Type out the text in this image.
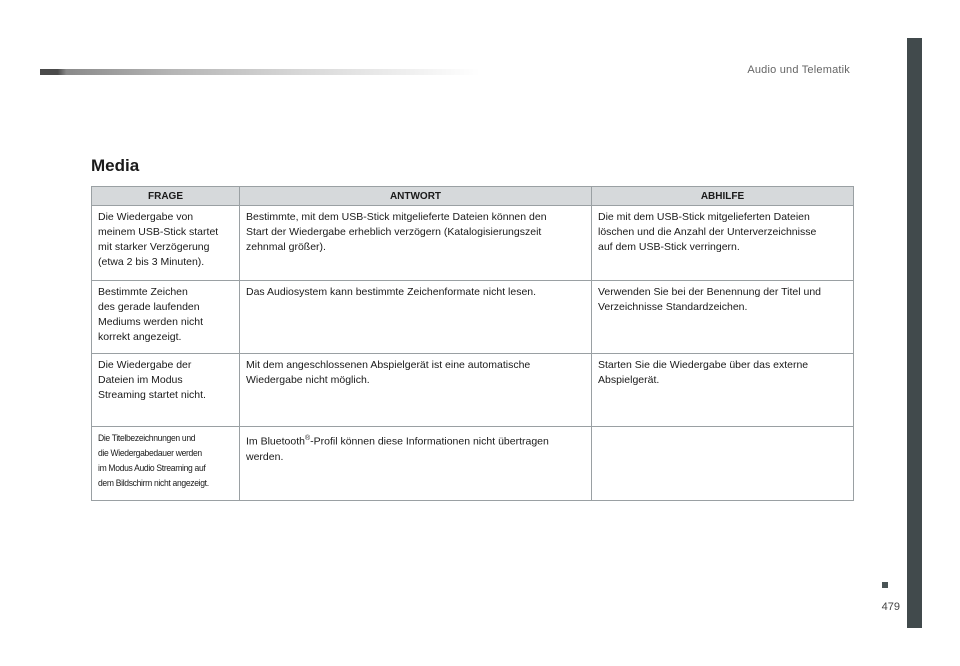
Audio und Telematik
479
Media
FRAGE	ANTWORT	ABHILFE

Die Wiedergabe von
meinem USB-Stick startet
mit starker Verzögerung
(etwa 2 bis 3 Minuten).	Bestimmte, mit dem USB-Stick mitgelieferte Dateien können den
Start der Wiedergabe erheblich verzögern (Katalogisierungszeit
zehnmal größer).	Die mit dem USB-Stick mitgelieferten Dateien
löschen und die Anzahl der Unterverzeichnisse
auf dem USB-Stick verringern.

Bestimmte Zeichen
des gerade laufenden
Mediums werden nicht
korrekt angezeigt.	Das Audiosystem kann bestimmte Zeichenformate nicht lesen.	Verwenden Sie bei der Benennung der Titel und
Verzeichnisse Standardzeichen.

Die Wiedergabe der
Dateien im Modus
Streaming startet nicht.	Mit dem angeschlossenen Abspielgerät ist eine automatische
Wiedergabe nicht möglich.	Starten Sie die Wiedergabe über das externe
Abspielgerät.

Die Titelbezeichnungen und
die Wiedergabedauer werden
im Modus Audio Streaming auf
dem Bildschirm nicht angezeigt.	Im Bluetooth®-Profil können diese Informationen nicht übertragen
werden.	
